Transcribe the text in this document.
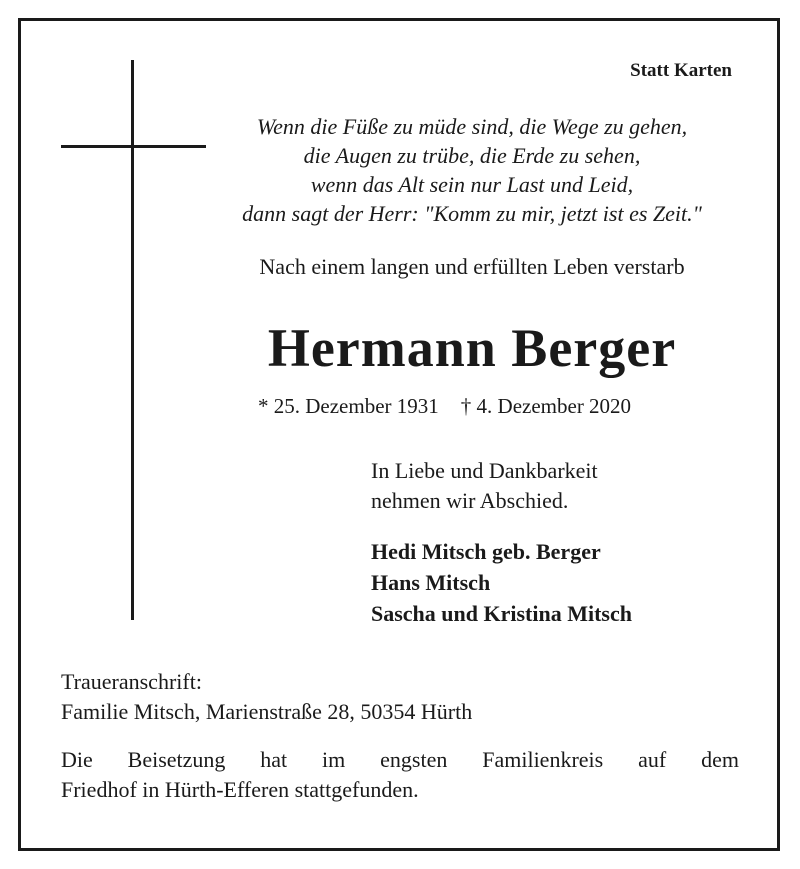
Statt Karten
Wenn die Füße zu müde sind, die Wege zu gehen,
die Augen zu trübe, die Erde zu sehen,
wenn das Alt sein nur Last und Leid,
dann sagt der Herr: "Komm zu mir, jetzt ist es Zeit."
Nach einem langen und erfüllten Leben verstarb
Hermann Berger
* 25. Dezember 1931 † 4. Dezember 2020
In Liebe und Dankbarkeit
nehmen wir Abschied.
Hedi Mitsch geb. Berger
Hans Mitsch
Sascha und Kristina Mitsch
Traueranschrift:
Familie Mitsch, Marienstraße 28, 50354 Hürth
Die Beisetzung hat im engsten Familienkreis auf dem
Friedhof in Hürth-Efferen stattgefunden.
